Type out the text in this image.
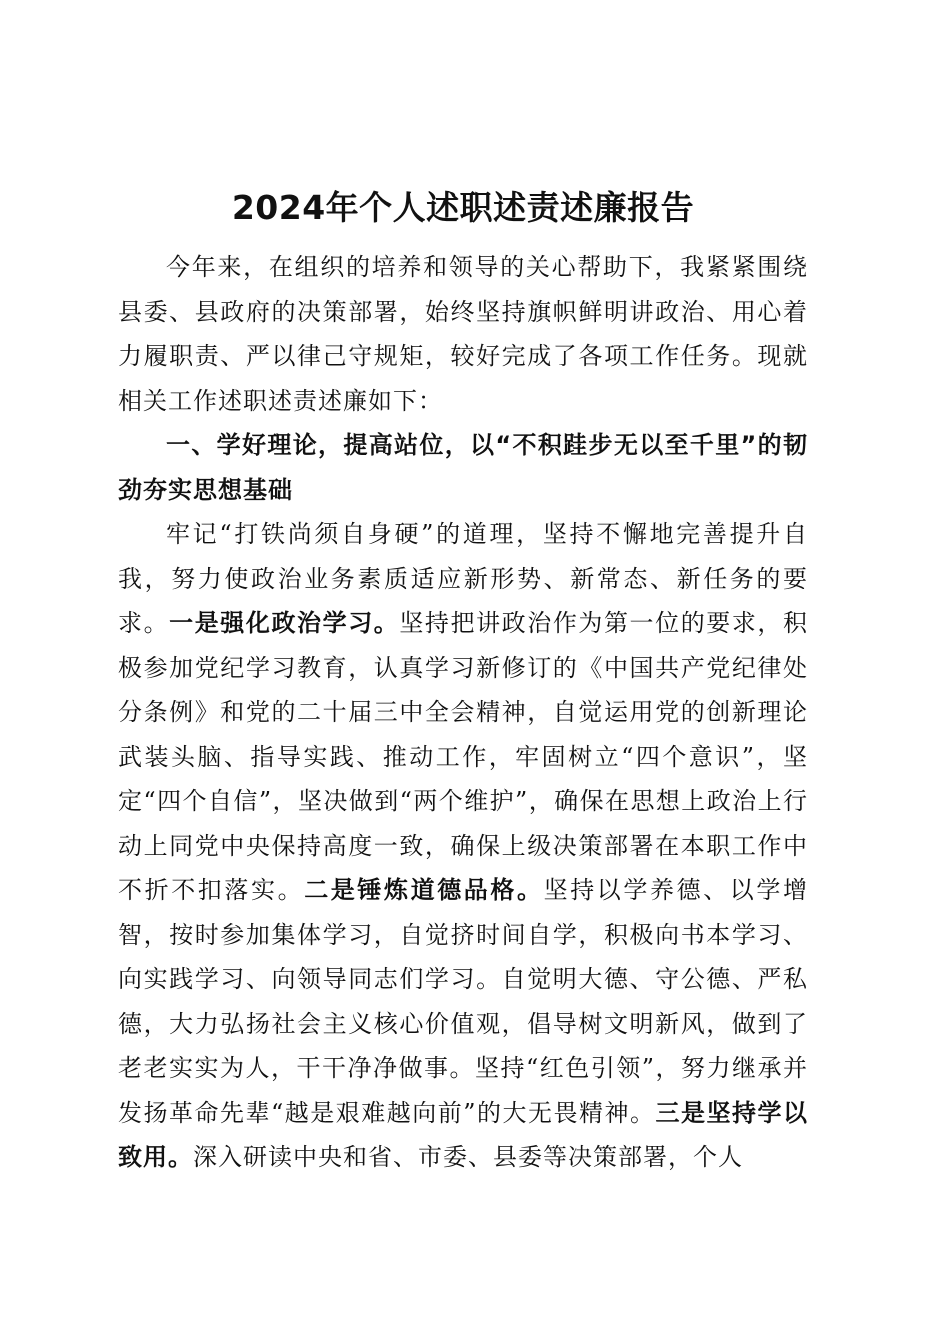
2024年个人述职述责述廉报告

今年来，在组织的培养和领导的关心帮助下，我紧紧围绕县委、县政府的决策部署，始终坚持旗帜鲜明讲政治、用心着力履职责、严以律己守规矩，较好完成了各项工作任务。现就相关工作述职述责述廉如下：

一、学好理论，提高站位，以“不积跬步无以至千里”的韧劲夯实思想基础

牢记“打铁尚须自身硬”的道理，坚持不懈地完善提升自我，努力使政治业务素质适应新形势、新常态、新任务的要求。一是强化政治学习。坚持把讲政治作为第一位的要求，积极参加党纪学习教育，认真学习新修订的《中国共产党纪律处分条例》和党的二十届三中全会精神，自觉运用党的创新理论武装头脑、指导实践、推动工作，牢固树立“四个意识”，坚定“四个自信”，坚决做到“两个维护”，确保在思想上政治上行动上同党中央保持高度一致，确保上级决策部署在本职工作中不折不扣落实。二是锤炼道德品格。坚持以学养德、以学增智，按时参加集体学习，自觉挤时间自学，积极向书本学习、向实践学习、向领导同志们学习。自觉明大德、守公德、严私德，大力弘扬社会主义核心价值观，倡导树文明新风，做到了老老实实为人，干干净净做事。坚持“红色引领”，努力继承并发扬革命先辈“越是艰难越向前”的大无畏精神。三是坚持学以致用。深入研读中央和省、市委、县委等决策部署，个人
